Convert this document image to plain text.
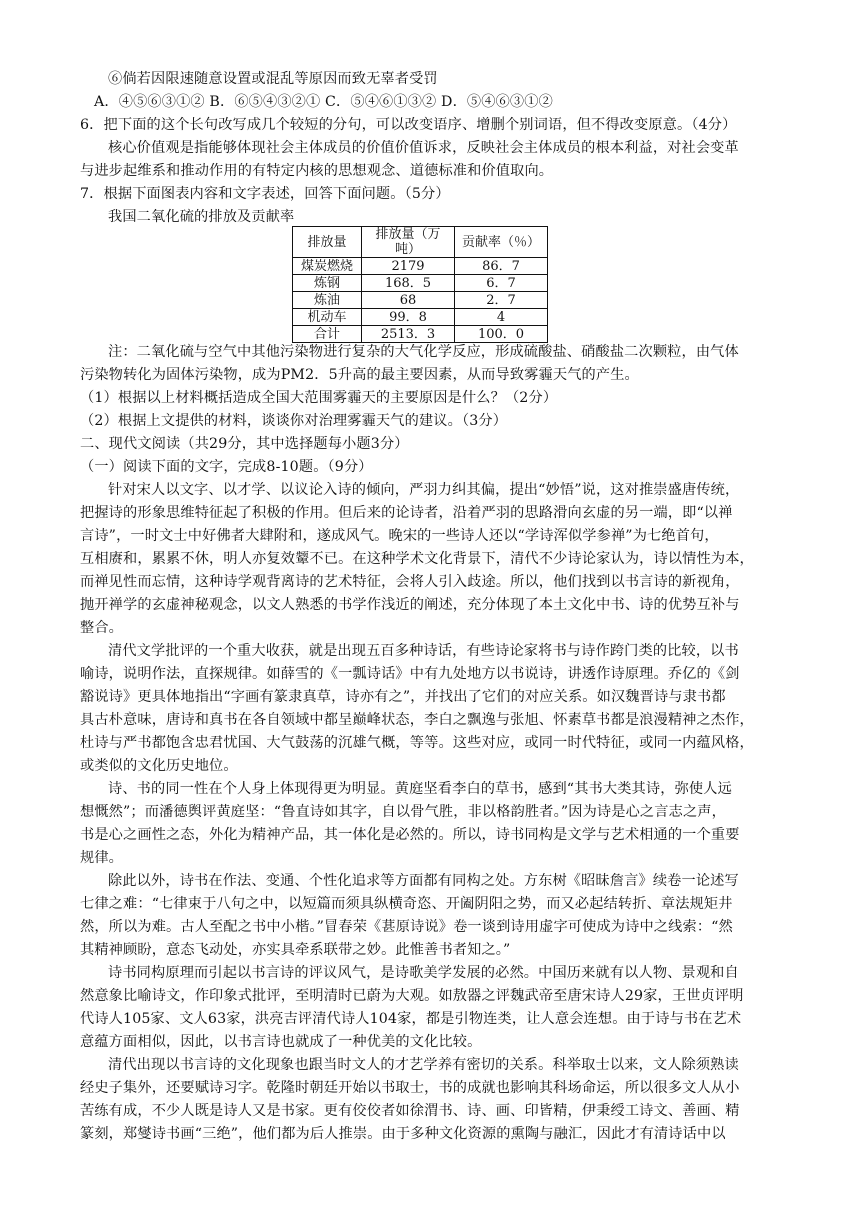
⑥倘若因限速随意设置或混乱等原因而致无辜者受罚
A．④⑤⑥③①② B．⑥⑤④③②① C．⑤④⑥①③② D．⑤④⑥③①②
6．把下面的这个长句改写成几个较短的分句，可以改变语序、增删个别词语，但不得改变原意。（4分）
核心价值观是指能够体现社会主体成员的价值价值诉求，反映社会主体成员的根本利益，对社会变革
与进步起维系和推动作用的有特定内核的思想观念、道德标准和价值取向。
7．根据下面图表内容和文字表述，回答下面问题。（5分）
我国二氧化硫的排放及贡献率
排放量	排放量（万吨）	贡献率（％）
煤炭燃烧	2179	86．7
炼钢	168．5	6．7
炼油	68	2．7
机动车	99．8	4
合计	2513．3	100．0
注：二氧化硫与空气中其他污染物进行复杂的大气化学反应，形成硫酸盐、硝酸盐二次颗粒，由气体
污染物转化为固体污染物，成为PM2．5升高的最主要因素，从而导致雾霾天气的产生。
（1）根据以上材料概括造成全国大范围雾霾天的主要原因是什么？（2分）
（2）根据上文提供的材料，谈谈你对治理雾霾天气的建议。（3分）
二、现代文阅读（共29分，其中选择题每小题3分）
（一）阅读下面的文字，完成8-10题。（9分）
针对宋人以文字、以才学、以议论入诗的倾向，严羽力纠其偏，提出“妙悟”说，这对推崇盛唐传统，
把握诗的形象思维特征起了积极的作用。但后来的论诗者，沿着严羽的思路滑向玄虚的另一端，即“以禅
言诗”，一时文士中好佛者大肆附和，遂成风气。晚宋的一些诗人还以“学诗浑似学参禅”为七绝首句，
互相赓和，累累不休，明人亦复效颦不已。在这种学术文化背景下，清代不少诗论家认为，诗以情性为本，
而禅见性而忘情，这种诗学观背离诗的艺术特征，会将人引入歧途。所以，他们找到以书言诗的新视角，
抛开禅学的玄虚神秘观念，以文人熟悉的书学作浅近的阐述，充分体现了本土文化中书、诗的优势互补与
整合。
清代文学批评的一个重大收获，就是出现五百多种诗话，有些诗论家将书与诗作跨门类的比较，以书
喻诗，说明作法，直探规律。如薛雪的《一瓢诗话》中有九处地方以书说诗，讲透作诗原理。乔亿的《剑
豁说诗》更具体地指出“字画有篆隶真草，诗亦有之”，并找出了它们的对应关系。如汉魏晋诗与隶书都
具古朴意味，唐诗和真书在各自领域中都呈巅峰状态，李白之飘逸与张旭、怀素草书都是浪漫精神之杰作，
杜诗与严书都饱含忠君忧国、大气鼓荡的沉雄气概，等等。这些对应，或同一时代特征，或同一内蕴风格，
或类似的文化历史地位。
诗、书的同一性在个人身上体现得更为明显。黄庭坚看李白的草书，感到“其书大类其诗，弥使人远
想慨然”；而潘德舆评黄庭坚：“鲁直诗如其字，自以骨气胜，非以格韵胜者。”因为诗是心之言志之声，
书是心之画性之态，外化为精神产品，其一体化是必然的。所以，诗书同构是文学与艺术相通的一个重要
规律。
除此以外，诗书在作法、变通、个性化追求等方面都有同构之处。方东树《昭昧詹言》续卷一论述写
七律之难：“七律束于八句之中，以短篇而须具纵横奇恣、开阖阴阳之势，而又必起结转折、章法规矩井
然，所以为难。古人至配之书中小楷。”冒春荣《葚原诗说》卷一谈到诗用虚字可使成为诗中之线索：“然
其精神顾盼，意态飞动处，亦实具牵系联带之妙。此惟善书者知之。”
诗书同构原理而引起以书言诗的评议风气，是诗歌美学发展的必然。中国历来就有以人物、景观和自
然意象比喻诗文，作印象式批评，至明清时已蔚为大观。如敖器之评魏武帝至唐宋诗人29家，王世贞评明
代诗人105家、文人63家，洪亮吉评清代诗人104家，都是引物连类，让人意会连想。由于诗与书在艺术
意蕴方面相似，因此，以书言诗也就成了一种优美的文化比较。
清代出现以书言诗的文化现象也跟当时文人的才艺学养有密切的关系。科举取士以来，文人除须熟读
经史子集外，还要赋诗习字。乾隆时朝廷开始以书取士，书的成就也影响其科场命运，所以很多文人从小
苦练有成，不少人既是诗人又是书家。更有佼佼者如徐渭书、诗、画、印皆精，伊秉绶工诗文、善画、精
篆刻，郑燮诗书画“三绝”，他们都为后人推崇。由于多种文化资源的熏陶与融汇，因此才有清诗话中以
